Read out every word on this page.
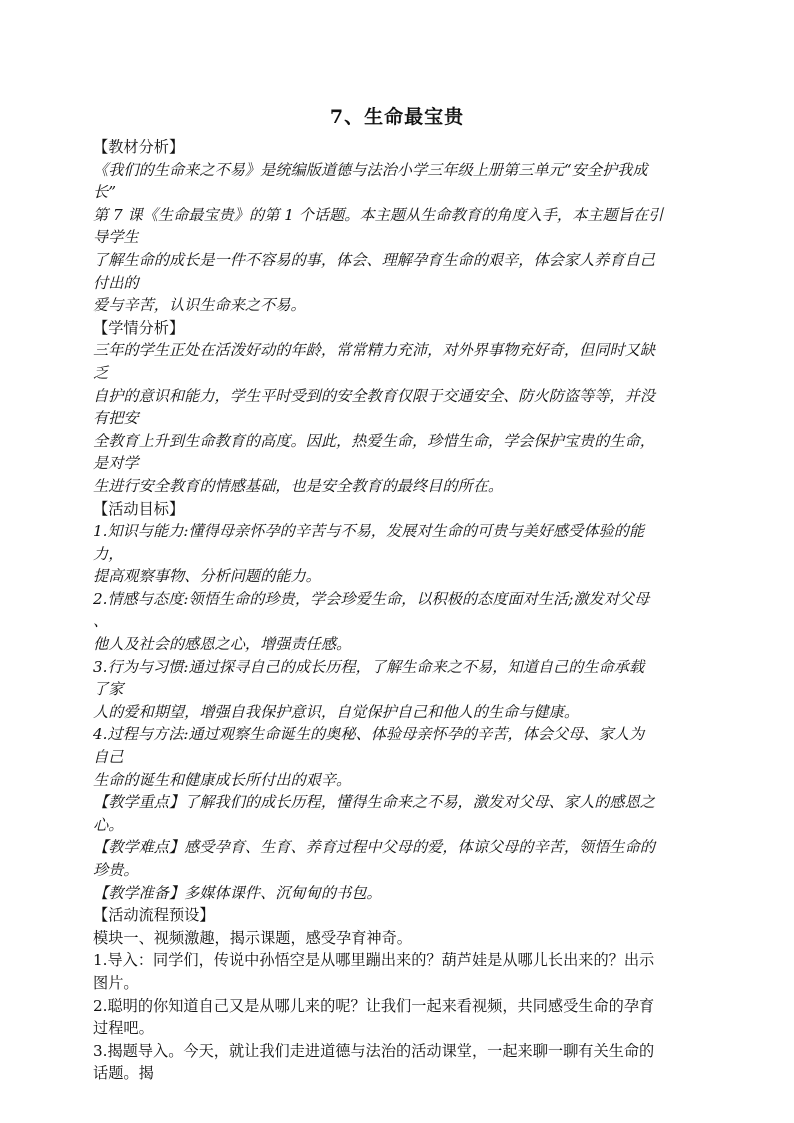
7、生命最宝贵
【教材分析】
《我们的生命来之不易》是统编版道德与法治小学三年级上册第三单元“安全护我成
长”
第 7 课《生命最宝贵》的第 1 个话题。本主题从生命教育的角度入手，本主题旨在引
导学生
了解生命的成长是一件不容易的事，体会、理解孕育生命的艰辛，体会家人养育自己
付出的
爱与辛苦，认识生命来之不易。
【学情分析】
三年的学生正处在活泼好动的年龄，常常精力充沛，对外界事物充好奇，但同时又缺
乏
自护的意识和能力，学生平时受到的安全教育仅限于交通安全、防火防盗等等，并没
有把安
全教育上升到生命教育的高度。因此，热爱生命，珍惜生命，学会保护宝贵的生命，
是对学
生进行安全教育的情感基础，也是安全教育的最终目的所在。
【活动目标】
1.知识与能力:懂得母亲怀孕的辛苦与不易，发展对生命的可贵与美好感受体验的能
力，
提高观察事物、分析问题的能力。
2.情感与态度:领悟生命的珍贵，学会珍爱生命，以积极的态度面对生活;激发对父母
、
他人及社会的感恩之心，增强责任感。
3.行为与习惯:通过探寻自己的成长历程，了解生命来之不易，知道自己的生命承载
了家
人的爱和期望，增强自我保护意识，自觉保护自己和他人的生命与健康。
4.过程与方法:通过观察生命诞生的奥秘、体验母亲怀孕的辛苦，体会父母、家人为
自己
生命的诞生和健康成长所付出的艰辛。
【教学重点】了解我们的成长历程，懂得生命来之不易，激发对父母、家人的感恩之
心。
【教学难点】感受孕育、生育、养育过程中父母的爱，体谅父母的辛苦，领悟生命的
珍贵。
【教学准备】多媒体课件、沉甸甸的书包。
【活动流程预设】
模块一、视频激趣，揭示课题，感受孕育神奇。
1.导入：同学们，传说中孙悟空是从哪里蹦出来的？葫芦娃是从哪儿长出来的？出示
图片。
2.聪明的你知道自己又是从哪儿来的呢？让我们一起来看视频，共同感受生命的孕育
过程吧。
3.揭题导入。今天，就让我们走进道德与法治的活动课堂，一起来聊一聊有关生命的
话题。揭
